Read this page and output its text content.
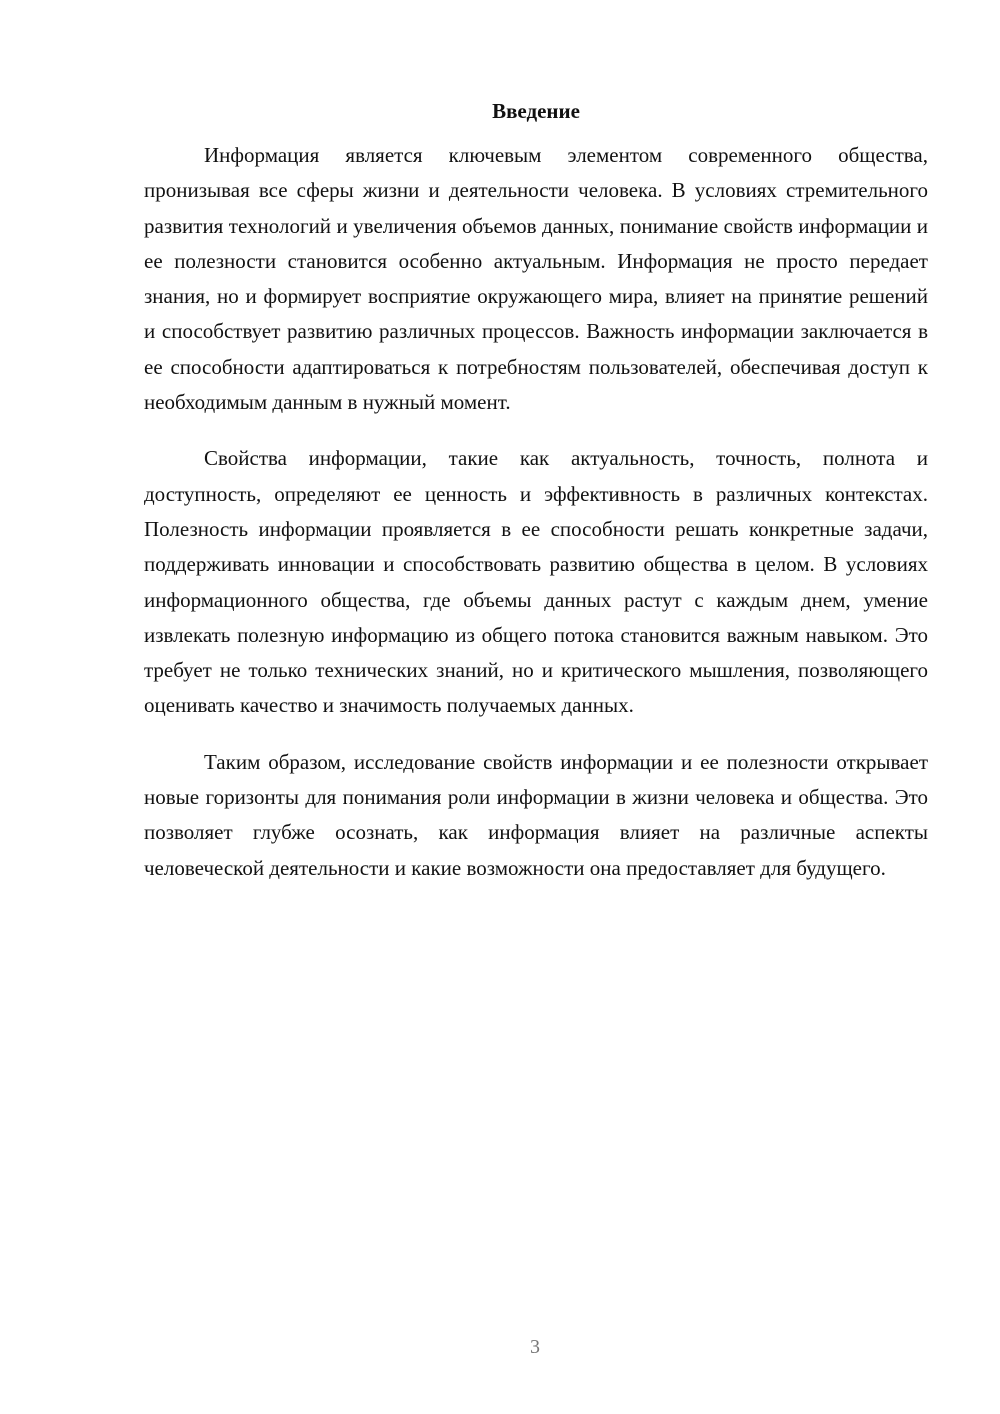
Введение

Информация является ключевым элементом современного общества, пронизывая все сферы жизни и деятельности человека. В условиях стремительного развития технологий и увеличения объемов данных, понимание свойств информации и ее полезности становится особенно актуальным. Информация не просто передает знания, но и формирует восприятие окружающего мира, влияет на принятие решений и способствует развитию различных процессов. Важность информации заключается в ее способности адаптироваться к потребностям пользователей, обеспечивая доступ к необходимым данным в нужный момент.

Свойства информации, такие как актуальность, точность, полнота и доступность, определяют ее ценность и эффективность в различных контекстах. Полезность информации проявляется в ее способности решать конкретные задачи, поддерживать инновации и способствовать развитию общества в целом. В условиях информационного общества, где объемы данных растут с каждым днем, умение извлекать полезную информацию из общего потока становится важным навыком. Это требует не только технических знаний, но и критического мышления, позволяющего оценивать качество и значимость получаемых данных.

Таким образом, исследование свойств информации и ее полезности открывает новые горизонты для понимания роли информации в жизни человека и общества. Это позволяет глубже осознать, как информация влияет на различные аспекты человеческой деятельности и какие возможности она предоставляет для будущего.

3
